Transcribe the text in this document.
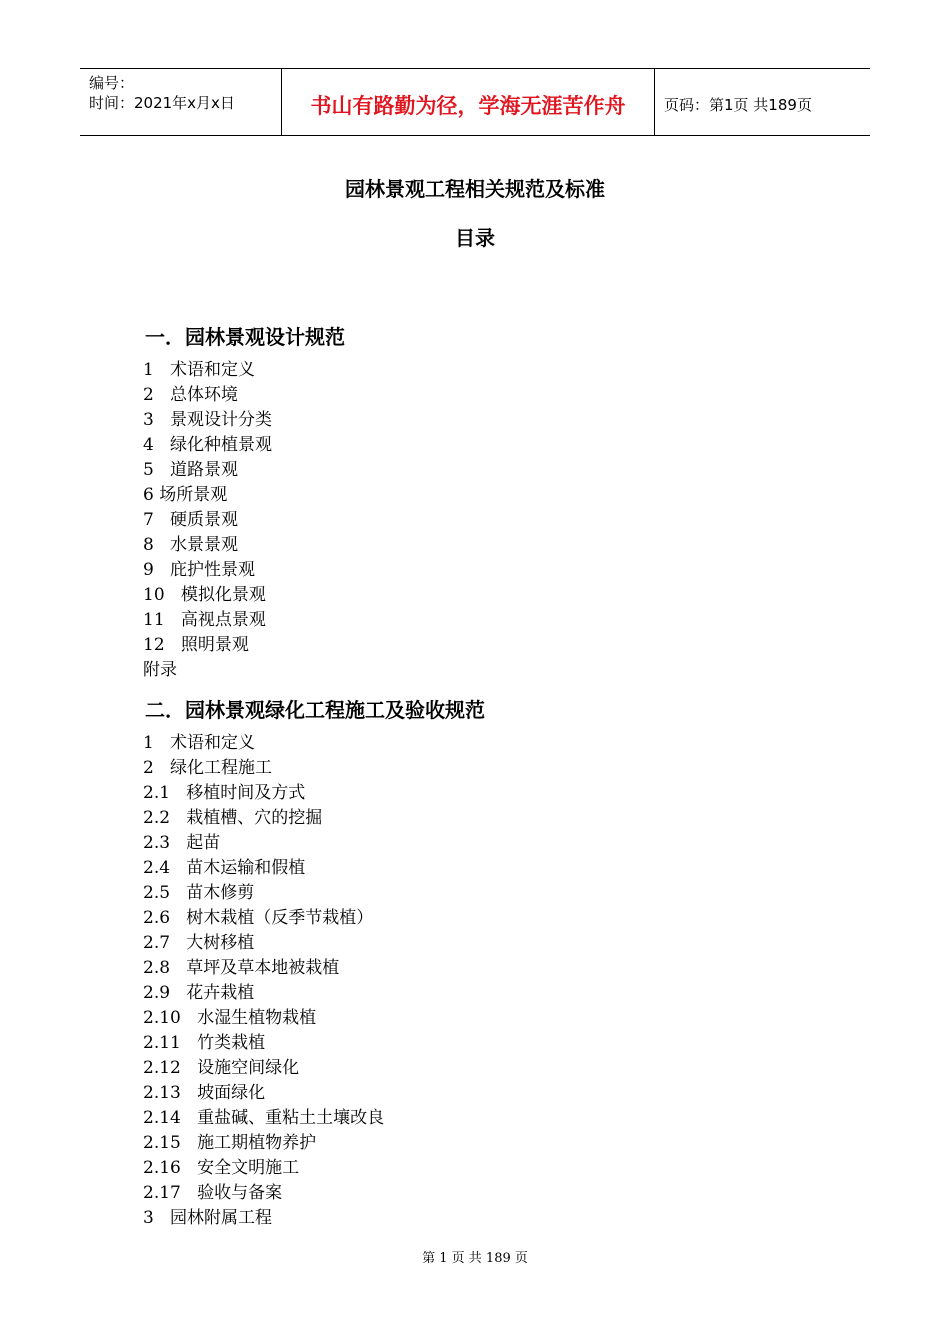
编号：
时间：2021年x月x日	书山有路勤为径，学海无涯苦作舟	页码：第1页 共189页
园林景观工程相关规范及标准
目录
一．园林景观设计规范
1   术语和定义
2   总体环境
3   景观设计分类
4   绿化种植景观
5   道路景观
6 场所景观
7   硬质景观
8   水景景观
9   庇护性景观
10   模拟化景观
11   高视点景观
12   照明景观
附录
二．园林景观绿化工程施工及验收规范
1   术语和定义
2   绿化工程施工
2.1   移植时间及方式
2.2   栽植槽、穴的挖掘
2.3   起苗
2.4   苗木运输和假植
2.5   苗木修剪
2.6   树木栽植（反季节栽植）
2.7   大树移植
2.8   草坪及草本地被栽植
2.9   花卉栽植
2.10   水湿生植物栽植
2.11   竹类栽植
2.12   设施空间绿化
2.13   坡面绿化
2.14   重盐碱、重粘土土壤改良
2.15   施工期植物养护
2.16   安全文明施工
2.17   验收与备案
3   园林附属工程
第 1 页 共 189 页
